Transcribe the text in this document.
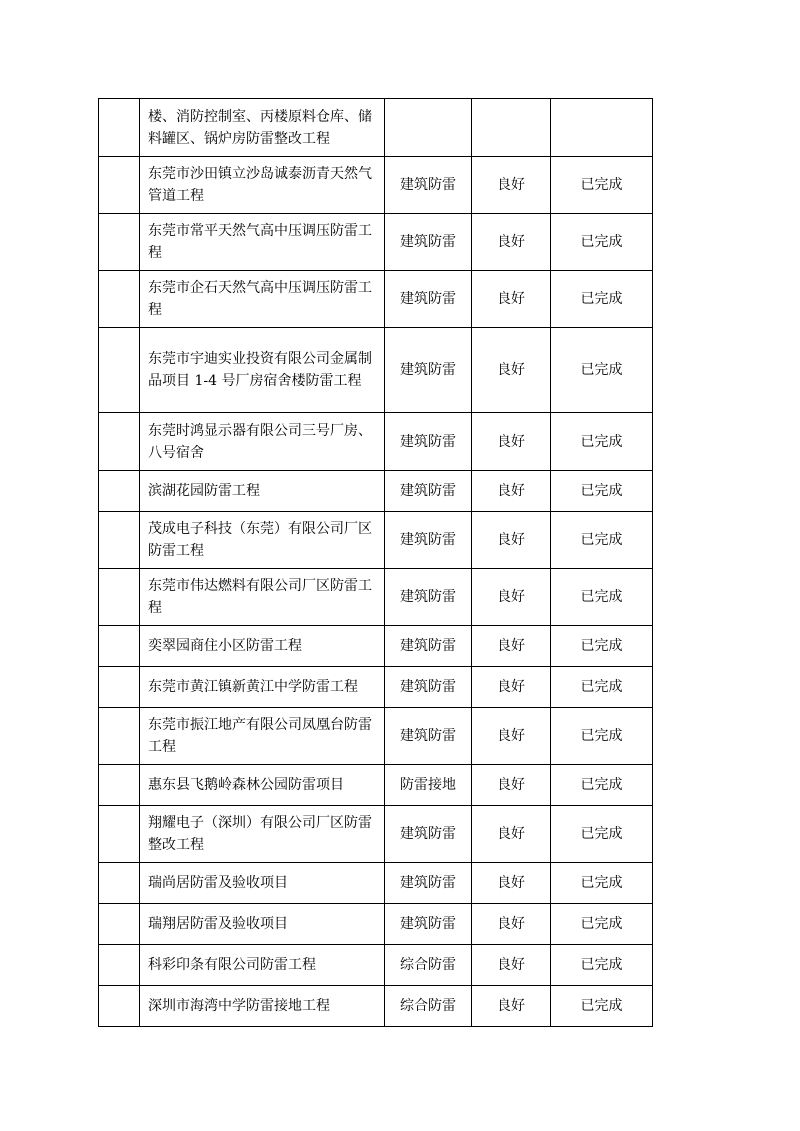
	楼、消防控制室、丙楼原料仓库、储料罐区、锅炉房防雷整改工程			
	东莞市沙田镇立沙岛诚泰沥青天然气管道工程	建筑防雷	良好	已完成
	东莞市常平天然气高中压调压防雷工程	建筑防雷	良好	已完成
	东莞市企石天然气高中压调压防雷工程	建筑防雷	良好	已完成
	东莞市宇迪实业投资有限公司金属制品项目 1-4 号厂房宿舍楼防雷工程	建筑防雷	良好	已完成
	东莞时鸿显示器有限公司三号厂房、八号宿舍	建筑防雷	良好	已完成
	滨湖花园防雷工程	建筑防雷	良好	已完成
	茂成电子科技（东莞）有限公司厂区防雷工程	建筑防雷	良好	已完成
	东莞市伟达燃料有限公司厂区防雷工程	建筑防雷	良好	已完成
	奕翠园商住小区防雷工程	建筑防雷	良好	已完成
	东莞市黄江镇新黄江中学防雷工程	建筑防雷	良好	已完成
	东莞市振江地产有限公司凤凰台防雷工程	建筑防雷	良好	已完成
	惠东县飞鹅岭森林公园防雷项目	防雷接地	良好	已完成
	翔耀电子（深圳）有限公司厂区防雷整改工程	建筑防雷	良好	已完成
	瑞尚居防雷及验收项目	建筑防雷	良好	已完成
	瑞翔居防雷及验收项目	建筑防雷	良好	已完成
	科彩印条有限公司防雷工程	综合防雷	良好	已完成
	深圳市海湾中学防雷接地工程	综合防雷	良好	已完成
